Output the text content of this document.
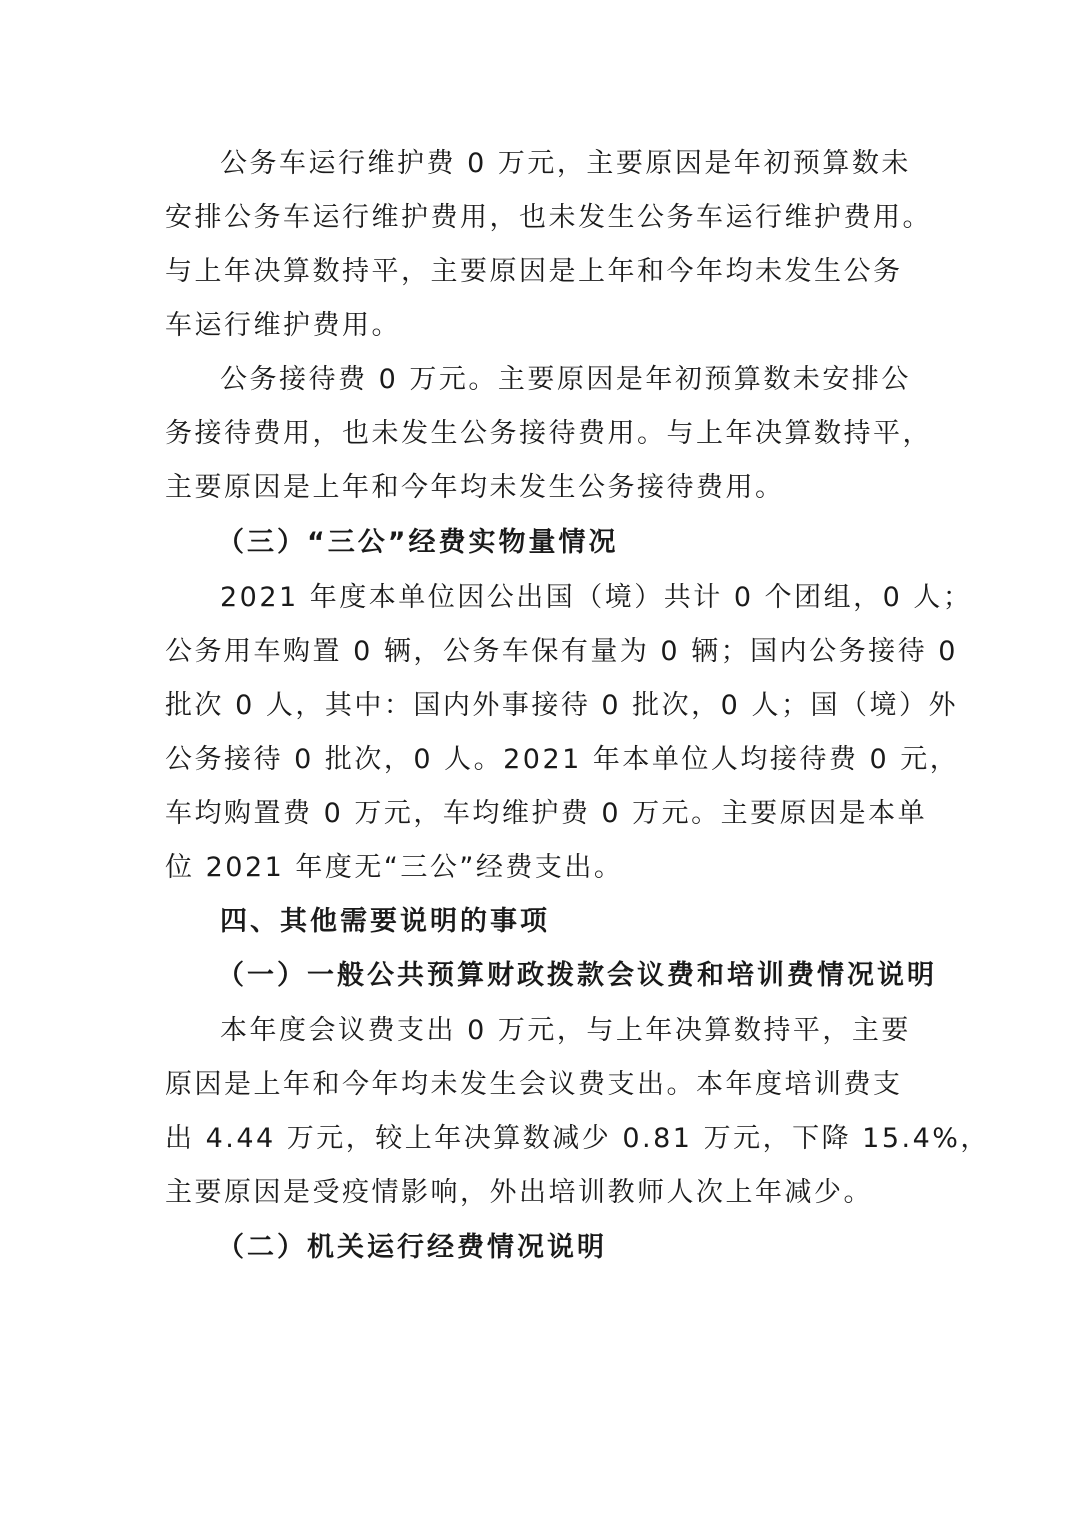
公务车运行维护费 0 万元，主要原因是年初预算数未
安排公务车运行维护费用，也未发生公务车运行维护费用。
与上年决算数持平，主要原因是上年和今年均未发生公务
车运行维护费用。
公务接待费 0 万元。主要原因是年初预算数未安排公
务接待费用，也未发生公务接待费用。与上年决算数持平，
主要原因是上年和今年均未发生公务接待费用。
（三）“三公”经费实物量情况
2021 年度本单位因公出国（境）共计 0 个团组，0 人；
公务用车购置 0 辆，公务车保有量为 0 辆；国内公务接待 0
批次 0 人，其中：国内外事接待 0 批次，0 人；国（境）外
公务接待 0 批次，0 人。2021 年本单位人均接待费 0 元，
车均购置费 0 万元，车均维护费 0 万元。主要原因是本单
位 2021 年度无“三公”经费支出。
四、其他需要说明的事项
（一）一般公共预算财政拨款会议费和培训费情况说明
本年度会议费支出 0 万元，与上年决算数持平，主要
原因是上年和今年均未发生会议费支出。本年度培训费支
出 4.44 万元，较上年决算数减少 0.81 万元，下降 15.4%，
主要原因是受疫情影响，外出培训教师人次上年减少。
（二）机关运行经费情况说明
